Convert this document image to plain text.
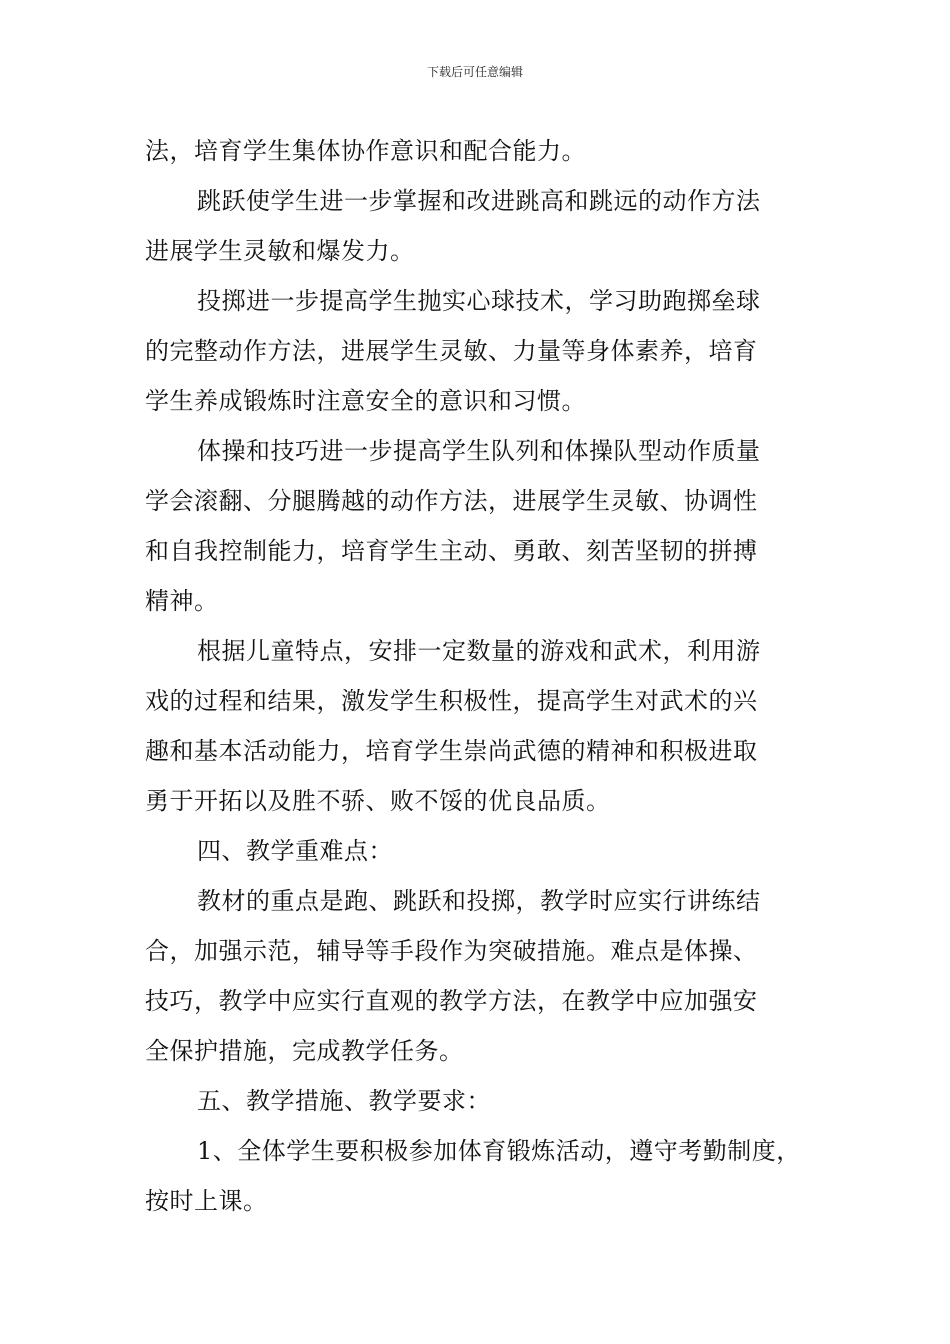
下载后可任意编辑
法，培育学生集体协作意识和配合能力。
跳跃使学生进一步掌握和改进跳高和跳远的动作方法
进展学生灵敏和爆发力。
投掷进一步提高学生抛实心球技术，学习助跑掷垒球
的完整动作方法，进展学生灵敏、力量等身体素养，培育
学生养成锻炼时注意安全的意识和习惯。
体操和技巧进一步提高学生队列和体操队型动作质量
学会滚翻、分腿腾越的动作方法，进展学生灵敏、协调性
和自我控制能力，培育学生主动、勇敢、刻苦坚韧的拼搏
精神。
根据儿童特点，安排一定数量的游戏和武术，利用游
戏的过程和结果，激发学生积极性，提高学生对武术的兴
趣和基本活动能力，培育学生崇尚武德的精神和积极进取
勇于开拓以及胜不骄、败不馁的优良品质。
四、教学重难点：
教材的重点是跑、跳跃和投掷，教学时应实行讲练结
合，加强示范，辅导等手段作为突破措施。难点是体操、
技巧，教学中应实行直观的教学方法，在教学中应加强安
全保护措施，完成教学任务。
五、教学措施、教学要求：
1、全体学生要积极参加体育锻炼活动，遵守考勤制度，
按时上课。
